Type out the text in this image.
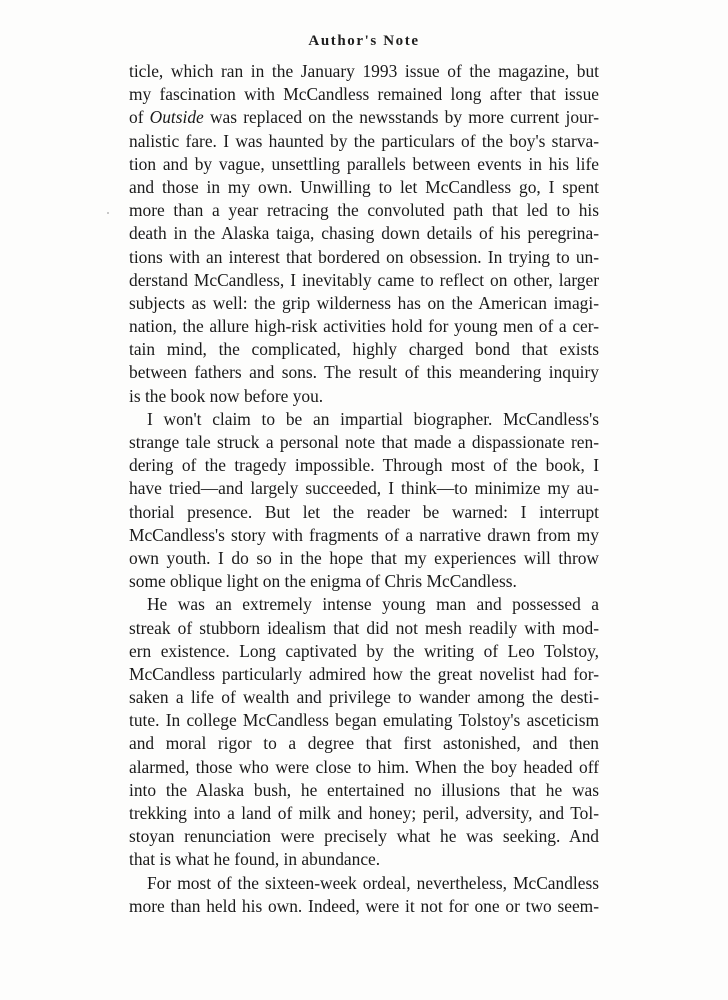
Author's Note
ticle, which ran in the January 1993 issue of the magazine, but
my fascination with McCandless remained long after that issue
of Outside was replaced on the newsstands by more current jour-
nalistic fare. I was haunted by the particulars of the boy's starva-
tion and by vague, unsettling parallels between events in his life
and those in my own. Unwilling to let McCandless go, I spent
more than a year retracing the convoluted path that led to his
death in the Alaska taiga, chasing down details of his peregrina-
tions with an interest that bordered on obsession. In trying to un-
derstand McCandless, I inevitably came to reflect on other, larger
subjects as well: the grip wilderness has on the American imagi-
nation, the allure high-risk activities hold for young men of a cer-
tain mind, the complicated, highly charged bond that exists
between fathers and sons. The result of this meandering inquiry
is the book now before you.
I won't claim to be an impartial biographer. McCandless's
strange tale struck a personal note that made a dispassionate ren-
dering of the tragedy impossible. Through most of the book, I
have tried—and largely succeeded, I think—to minimize my au-
thorial presence. But let the reader be warned: I interrupt
McCandless's story with fragments of a narrative drawn from my
own youth. I do so in the hope that my experiences will throw
some oblique light on the enigma of Chris McCandless.
He was an extremely intense young man and possessed a
streak of stubborn idealism that did not mesh readily with mod-
ern existence. Long captivated by the writing of Leo Tolstoy,
McCandless particularly admired how the great novelist had for-
saken a life of wealth and privilege to wander among the desti-
tute. In college McCandless began emulating Tolstoy's asceticism
and moral rigor to a degree that first astonished, and then
alarmed, those who were close to him. When the boy headed off
into the Alaska bush, he entertained no illusions that he was
trekking into a land of milk and honey; peril, adversity, and Tol-
stoyan renunciation were precisely what he was seeking. And
that is what he found, in abundance.
For most of the sixteen-week ordeal, nevertheless, McCandless
more than held his own. Indeed, were it not for one or two seem-
